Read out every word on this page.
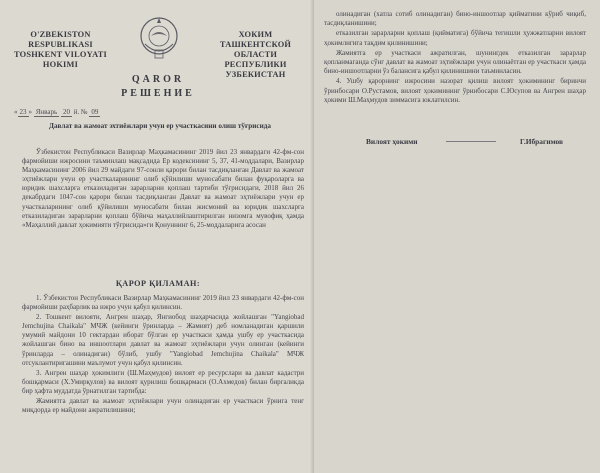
O'ZBEKISTON RESPUBLIKASI
TOSHKENT VILOYATI
HOKIMI
ХОКИМ
ТАШКЕНТСКОЙ ОБЛАСТИ
РЕСПУБЛИКИ УЗБЕКИСТАН
QAROR
РЕШЕНИЕ
« 23 » Январь 20 й. № 09
Давлат ва жамоат эхтиёжлари учун ер участкасини олиш тўғрисида
Ўзбекистон Республикаси Вазирлар Маҳкамасининг 2019 йил 23 январдаги 42-фм-сон фармойиши ижросини таъминлаш мақсадида Ер кодексининг 5, 37, 41-моддалари, Вазирлар Маҳкамасининг 2006 йил 29 майдаги 97-сонли қарори билан тасдиқланган Давлат ва жамоат эҳтиёжлари учун ер участкаларининг олиб қўйилиши муносабати билан фуқароларга ва юридик шахсларга етказиладиган зарарларни қоплаш тартиби тўғрисидаги, 2018 йил 26 декабрдаги 1047-сон қарори билан тасдиқланган Давлат ва жамоат эҳтиёжлари учун ер участкаларининг олиб қўйилиши муносабати билан жисмоний ва юридик шахсларга етказиладиган зарарларни қоплаш бўйича маҳаллийлаштирилган низомга мувофиқ ҳамда «Маҳаллий давлат ҳокимияти тўғрисида»ги Қонуннинг 6, 25-моддаларига асосан
ҚАРОР ҚИЛАМАН:

1. Ўзбекистон Республикаси Вазирлар Маҳкамасининг 2019 йил 23 январдаги 42-фм-сон фармойиши раҳбарлик ва ижро учун қабул қилинсин.

2. Тошкент вилояти, Ангрен шаҳар, Янгиобод шаҳарчасида жойлашган "Yangiobad Jemchujina Chaikala" МЧЖ (кейинги ўринларда – Жамият) деб номланадиган қаршили умумий майдони 10 гектардан иборат бўлган ер участкаси ҳамда ушбу ер участкасида жойлашган бино ва иншоотлари давлат ва жамоат эҳтиёжлари учун олинган (кейинги ўринларда – олинадиган) бўлиб, ушбу "Yangiobad Jemchujina Chaikala" МЧЖ отсуклантиригашини маълумот учун қабул қилинсин.

3. Ангрен шаҳар ҳокимлиги (Ш.Маҳмудов) вилоят ер ресурслари ва давлат кадастри бошқармаси (Х.Умирқулов) ва вилоят қурилиш бошқармаси (О.Ахмедов) билан биргаликда бир ҳафта муддатда ўрнатилган тартибда:

Жамиятга давлат ва жамоат эҳтиёжлари учун олинадиган ер участкаси ўрнига тенг миқдорда ер майдони ажратилишини;

олинадиган (хатла сотиб олинадиган) бино-иншоотлар қийматини кўриб чиқиб, тасдиқланишини;

етказилган зарарларни қоплаш (қийматига) бўйича тегишли ҳужжатларни вилоят ҳокимлигига тақдим қилинишини;

Жамиятга ер участкаси ажратилган, шунингдек етказилган зарарлар қопланмаганда сўнг давлат ва жамоат эҳтиёжлари учун олинаётган ер участкаси ҳамда бино-иншоотларни ўз балансига қабул қилинишини таъминласин.

4. Ушбу қарорнинг ижросини назорат қилиш вилоят ҳокимининг биринчи ўринбосари О.Рустамов, вилоят ҳокимининг ўринбосари С.Юсупов ва Ангрен шаҳар ҳокими Ш.Маҳмудов зиммасига юклатилсин.

Вилоят ҳокими	Г.Ибрагимов
